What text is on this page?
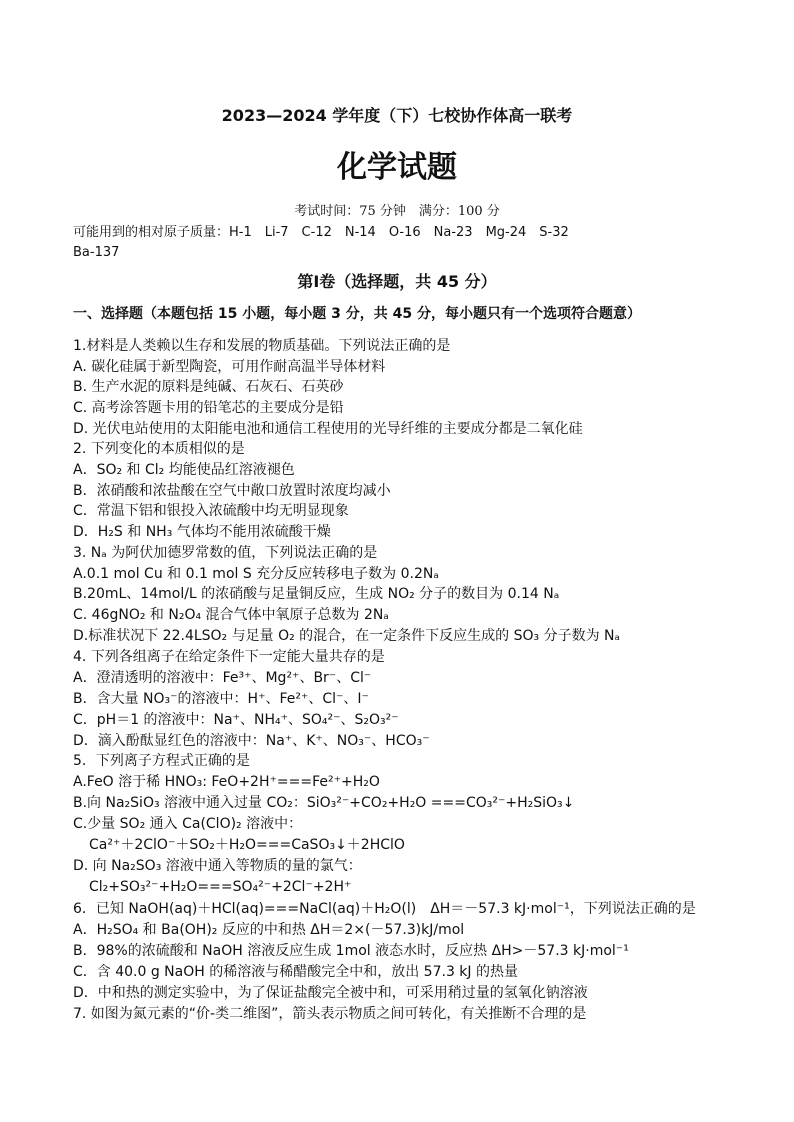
2023—2024 学年度（下）七校协作体高一联考
化学试题
考试时间：75 分钟　满分：100 分
可能用到的相对原子质量：H-1　Li-7　C-12　N-14　O-16　Na-23　Mg-24　S-32
Ba-137
第Ⅰ卷（选择题，共 45 分）
一、选择题（本题包括 15 小题，每小题 3 分，共 45 分，每小题只有一个选项符合题意）
1.材料是人类赖以生存和发展的物质基础。下列说法正确的是
A. 碳化硅属于新型陶瓷，可用作耐高温半导体材料
B. 生产水泥的原料是纯碱、石灰石、石英砂
C. 高考涂答题卡用的铅笔芯的主要成分是铅
D. 光伏电站使用的太阳能电池和通信工程使用的光导纤维的主要成分都是二氧化硅
2. 下列变化的本质相似的是
A．SO₂ 和 Cl₂ 均能使品红溶液褪色
B．浓硝酸和浓盐酸在空气中敞口放置时浓度均减小
C．常温下铝和银投入浓硫酸中均无明显现象
D．H₂S 和 NH₃ 气体均不能用浓硫酸干燥
3. Nₐ 为阿伏加德罗常数的值，下列说法正确的是
A.0.1 mol Cu 和 0.1 mol S 充分反应转移电子数为 0.2Nₐ
B.20mL、14mol/L 的浓硝酸与足量铜反应，生成 NO₂ 分子的数目为 0.14 Nₐ
C. 46gNO₂ 和 N₂O₄ 混合气体中氧原子总数为 2Nₐ
D.标准状况下 22.4LSO₂ 与足量 O₂ 的混合，在一定条件下反应生成的 SO₃ 分子数为 Nₐ
4. 下列各组离子在给定条件下一定能大量共存的是
A．澄清透明的溶液中：Fe³⁺、Mg²⁺、Br⁻、Cl⁻
B．含大量 NO₃⁻的溶液中：H⁺、Fe²⁺、Cl⁻、I⁻
C．pH＝1 的溶液中：Na⁺、NH₄⁺、SO₄²⁻、S₂O₃²⁻
D．滴入酚酞显红色的溶液中：Na⁺、K⁺、NO₃⁻、HCO₃⁻
5．下列离子方程式正确的是
A.FeO 溶于稀 HNO₃: FeO+2H⁺===Fe²⁺+H₂O
B.向 Na₂SiO₃ 溶液中通入过量 CO₂：SiO₃²⁻+CO₂+H₂O ===CO₃²⁻+H₂SiO₃↓
C.少量 SO₂ 通入 Ca(ClO)₂ 溶液中：
Ca²⁺＋2ClO⁻＋SO₂＋H₂O===CaSO₃↓＋2HClO
D. 向 Na₂SO₃ 溶液中通入等物质的量的氯气：
Cl₂+SO₃²⁻+H₂O===SO₄²⁻+2Cl⁻+2H⁺
6．已知 NaOH(aq)＋HCl(aq)===NaCl(aq)＋H₂O(l)　ΔH＝－57.3 kJ·mol⁻¹，下列说法正确的是
A．H₂SO₄ 和 Ba(OH)₂ 反应的中和热 ΔH＝2×(－57.3)kJ/mol
B．98%的浓硫酸和 NaOH 溶液反应生成 1mol 液态水时，反应热 ΔH>－57.3 kJ·mol⁻¹
C．含 40.0 g NaOH 的稀溶液与稀醋酸完全中和，放出 57.3 kJ 的热量
D．中和热的测定实验中，为了保证盐酸完全被中和，可采用稍过量的氢氧化钠溶液
7. 如图为氮元素的“价-类二维图”，箭头表示物质之间可转化，有关推断不合理的是
